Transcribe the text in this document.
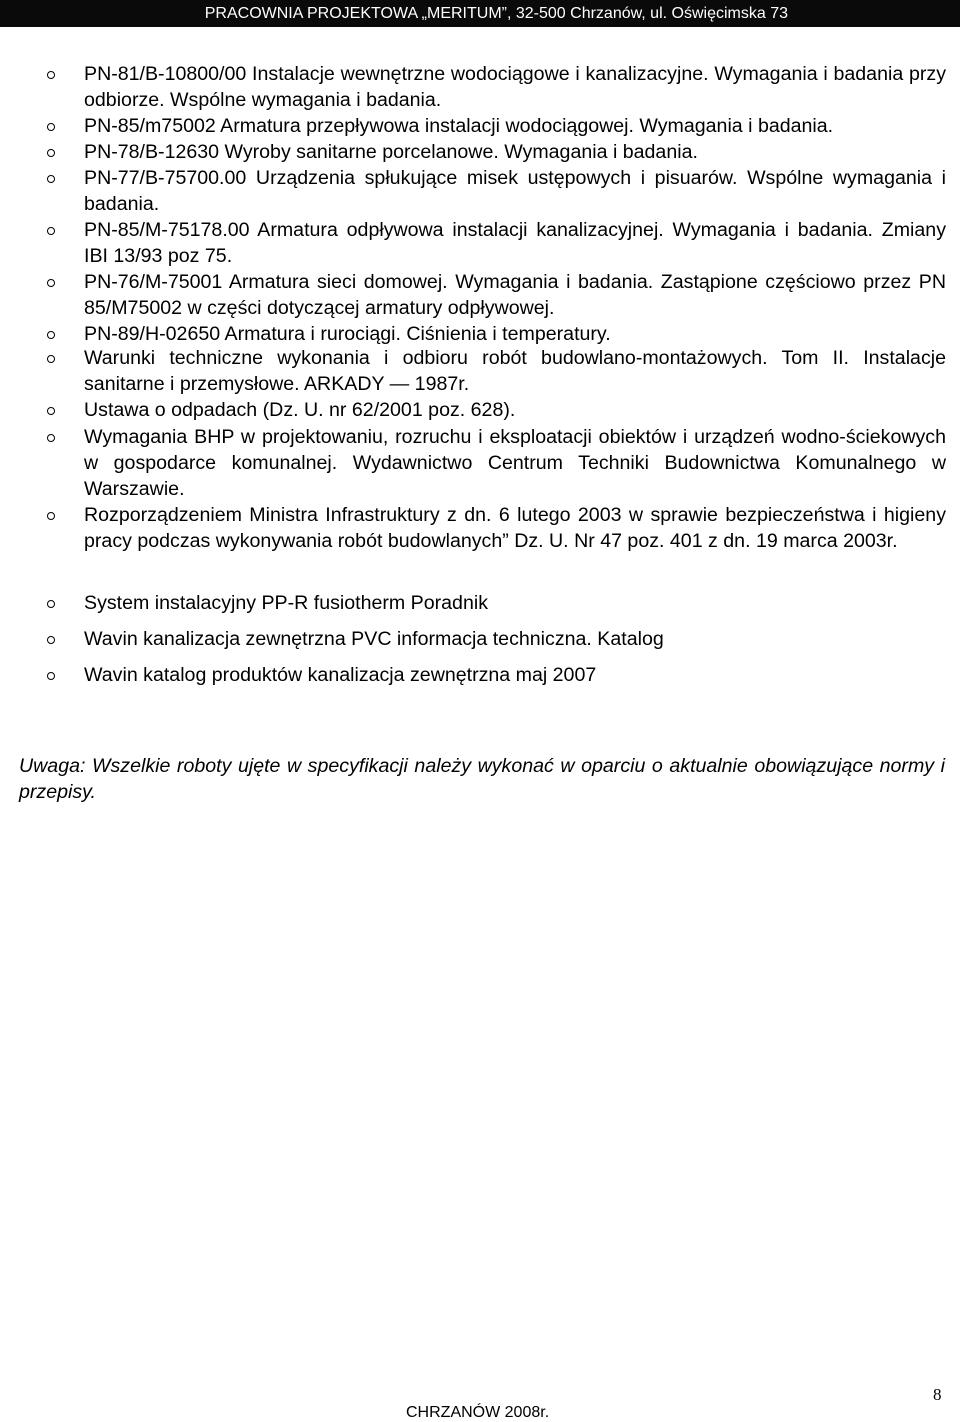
PRACOWNIA PROJEKTOWA „MERITUM”, 32-500 Chrzanów, ul. Oświęcimska 73
PN-81/B-10800/00 Instalacje wewnętrzne wodociągowe i kanalizacyjne. Wymagania i badania przy odbiorze. Wspólne wymagania i badania.
PN-85/m75002 Armatura przepływowa instalacji wodociągowej. Wymagania i badania.
PN-78/B-12630 Wyroby sanitarne porcelanowe. Wymagania i badania.
PN-77/B-75700.00 Urządzenia spłukujące misek ustępowych i pisuarów. Wspólne wymagania i badania.
PN-85/M-75178.00 Armatura odpływowa instalacji kanalizacyjnej. Wymagania i badania. Zmiany IBI 13/93 poz 75.
PN-76/M-75001 Armatura sieci domowej. Wymagania i badania. Zastąpione częściowo przez PN 85/M75002 w części dotyczącej armatury odpływowej.
PN-89/H-02650 Armatura i rurociągi. Ciśnienia i temperatury.
Warunki techniczne wykonania i odbioru robót budowlano-montażowych. Tom II. Instalacje sanitarne i przemysłowe. ARKADY — 1987r.
Ustawa o odpadach (Dz. U. nr 62/2001 poz. 628).
Wymagania BHP w projektowaniu, rozruchu i eksploatacji obiektów i urządzeń wodno-ściekowych w gospodarce komunalnej. Wydawnictwo Centrum Techniki Budownictwa Komunalnego w Warszawie.
Rozporządzeniem Ministra Infrastruktury z dn. 6 lutego 2003 w sprawie bezpieczeństwa i higieny pracy podczas wykonywania robót budowlanych” Dz. U. Nr 47 poz. 401 z dn. 19 marca 2003r.
System instalacyjny PP-R fusiotherm Poradnik
Wavin kanalizacja zewnętrzna PVC informacja techniczna. Katalog
Wavin katalog produktów kanalizacja zewnętrzna maj 2007
Uwaga: Wszelkie roboty ujęte w specyfikacji należy wykonać w oparciu o aktualnie obowiązujące normy i przepisy.
8
CHRZANÓW 2008r.
